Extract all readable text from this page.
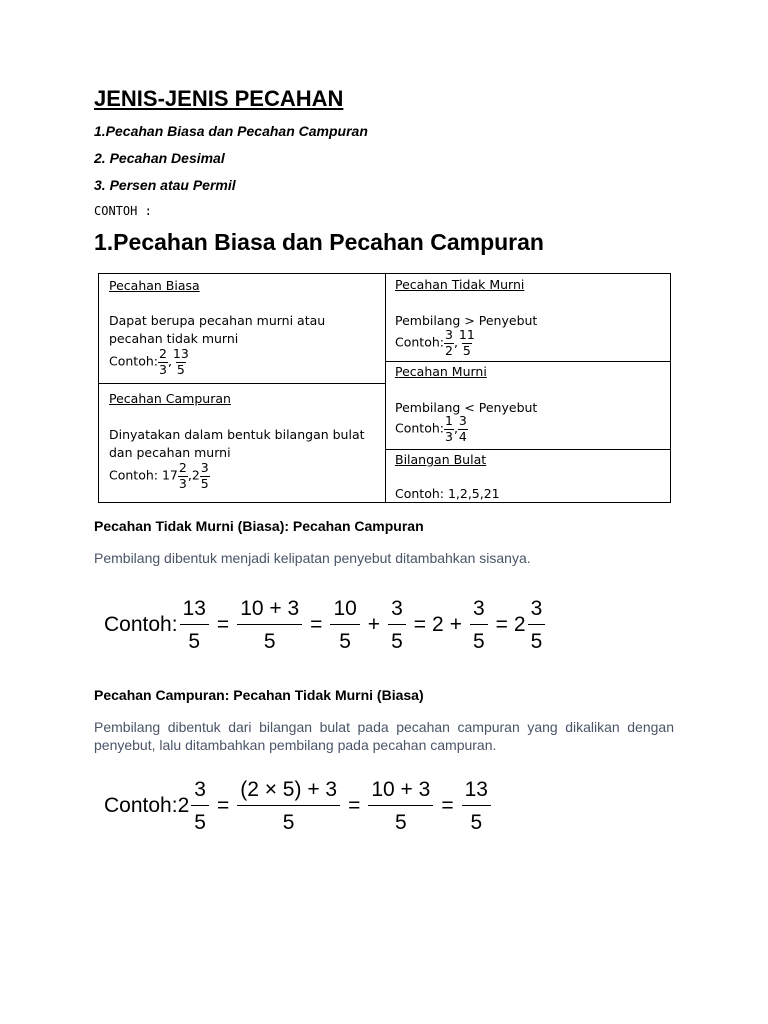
JENIS-JENIS PECAHAN
1.Pecahan Biasa dan Pecahan Campuran
2. Pecahan Desimal
3. Persen atau Permil
CONTOH :
1.Pecahan Biasa dan Pecahan Campuran
Pecahan Biasa
Dapat berupa pecahan murni atau pecahan tidak murni
Contoh: $\frac{2}{3}$ , $\frac{13}{5}$
Pecahan Campuran
Dinyatakan dalam bentuk bilangan bulat dan pecahan murni
Contoh: $17 \frac{2}{3} ,2 \frac{3}{5}$
Pecahan Tidak Murni
Pembilang > Penyebut
Contoh: $\frac{3}{2}$ , $\frac{11}{5}$
Pecahan Murni
Pembilang < Penyebut
Contoh: $\frac{1}{3}$ , $\frac{3}{4}$
Bilangan Bulat
Contoh: 1,2,5,21
Pecahan Tidak Murni (Biasa): Pecahan Campuran
Pembilang dibentuk menjadi kelipatan penyebut ditambahkan sisanya.
Contoh: $\frac{13}{5} = \frac{10 + 3}{5} = \frac{10}{5} + \frac{3}{5} = 2 + \frac{3}{5} = 2$
3
5
Pecahan Campuran: Pecahan Tidak Murni (Biasa)
Pembilang dibentuk dari bilangan bulat pada pecahan campuran yang dikalikan dengan penyebut, lalu ditambahkan pembilang pada pecahan campuran.
Contoh: $2 \frac{3}{5} = \frac{(2 \times 5) + 3}{5} = \frac{10 + 3}{5} = \frac{13}{5}$
